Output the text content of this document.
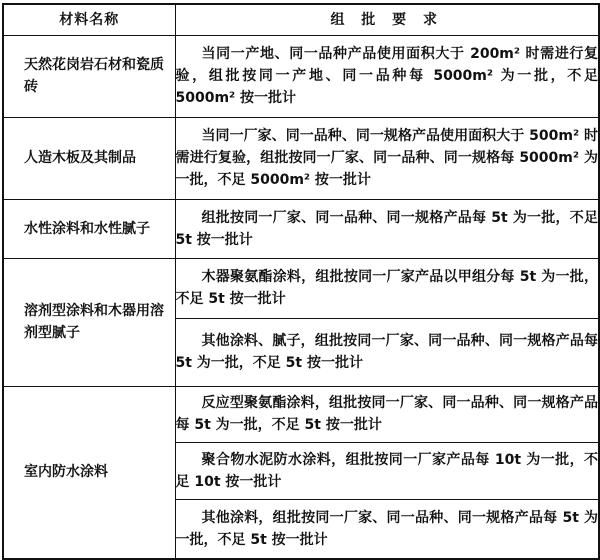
材料名称	组 批 要 求

天然花岗岩石材和瓷质砖	当同一产地、同一品种产品使用面积大于 200m² 时需进行复验，组批按同一产地、同一品种每 5000m² 为一批，不足 5000m² 按一批计

人造木板及其制品	当同一厂家、同一品种、同一规格产品使用面积大于 500m² 时需进行复验，组批按同一厂家、同一品种、同一规格每 5000m² 为一批，不足 5000m² 按一批计

水性涂料和水性腻子	组批按同一厂家、同一品种、同一规格产品每 5t 为一批，不足 5t 按一批计

溶剂型涂料和木器用溶剂型腻子	木器聚氨酯涂料，组批按同一厂家产品以甲组分每 5t 为一批，不足 5t 按一批计

	其他涂料、腻子，组批按同一厂家、同一品种、同一规格产品每 5t 为一批，不足 5t 按一批计

室内防水涂料	反应型聚氨酯涂料，组批按同一厂家、同一品种、同一规格产品每 5t 为一批，不足 5t 按一批计

	聚合物水泥防水涂料，组批按同一厂家产品每 10t 为一批，不足 10t 按一批计

	其他涂料，组批按同一厂家、同一品种、同一规格产品每 5t 为一批，不足 5t 按一批计
